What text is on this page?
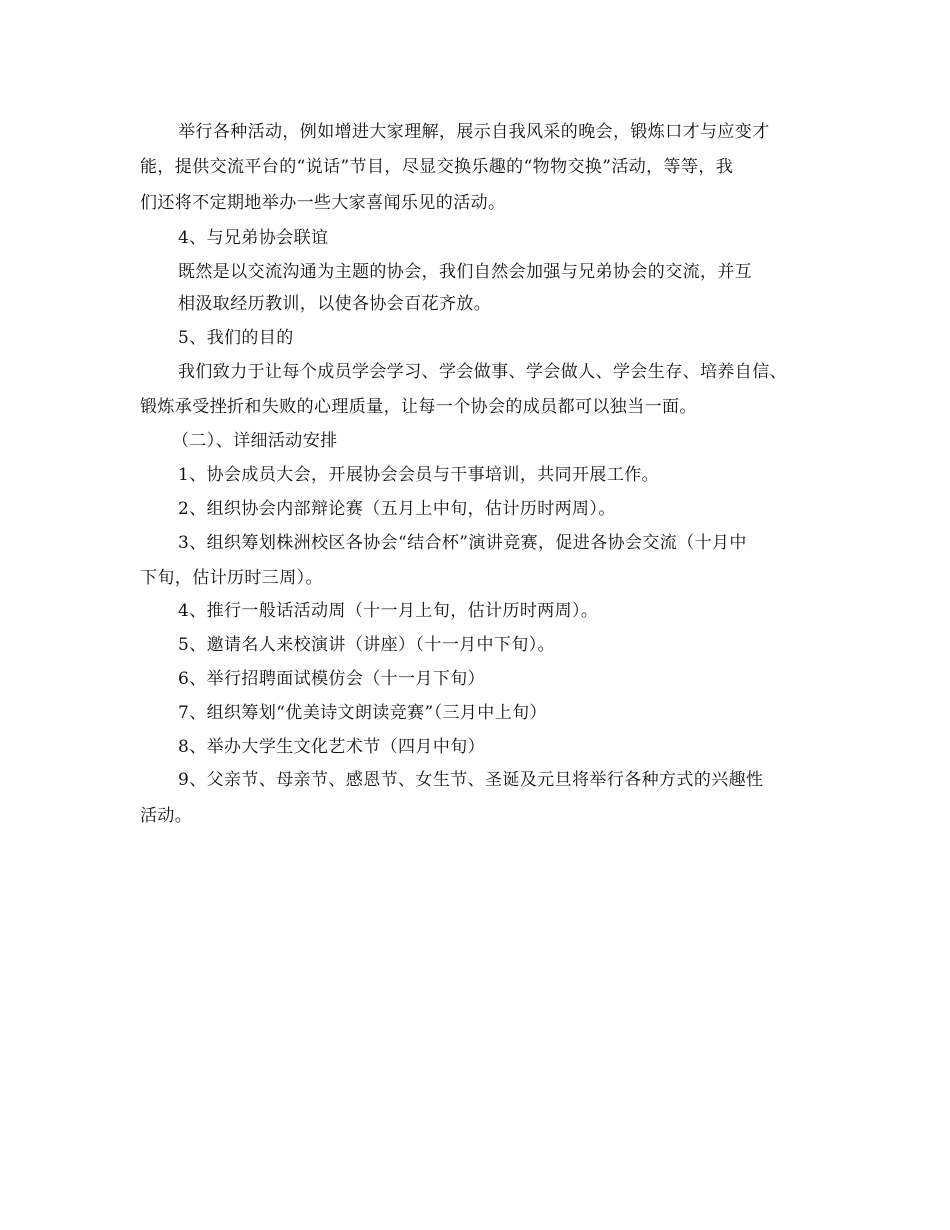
举行各种活动，例如增进大家理解，展示自我风采的晚会，锻炼口才与应变才
能，提供交流平台的“说话”节目，尽显交换乐趣的“物物交换”活动，等等，我
们还将不定期地举办一些大家喜闻乐见的活动。
4、与兄弟协会联谊
既然是以交流沟通为主题的协会，我们自然会加强与兄弟协会的交流，并互
相汲取经历教训，以使各协会百花齐放。
5、我们的目的
我们致力于让每个成员学会学习、学会做事、学会做人、学会生存、培养自信、
锻炼承受挫折和失败的心理质量，让每一个协会的成员都可以独当一面。
（二）、详细活动安排
1、协会成员大会，开展协会会员与干事培训，共同开展工作。
2、组织协会内部辩论赛（五月上中旬，估计历时两周）。
3、组织筹划株洲校区各协会“结合杯”演讲竞赛，促进各协会交流（十月中
下旬，估计历时三周）。
4、推行一般话活动周（十一月上旬，估计历时两周）。
5、邀请名人来校演讲（讲座）（十一月中下旬）。
6、举行招聘面试模仿会（十一月下旬）
7、组织筹划“优美诗文朗读竞赛”（三月中上旬）
8、举办大学生文化艺术节（四月中旬）
9、父亲节、母亲节、感恩节、女生节、圣诞及元旦将举行各种方式的兴趣性
活动。
